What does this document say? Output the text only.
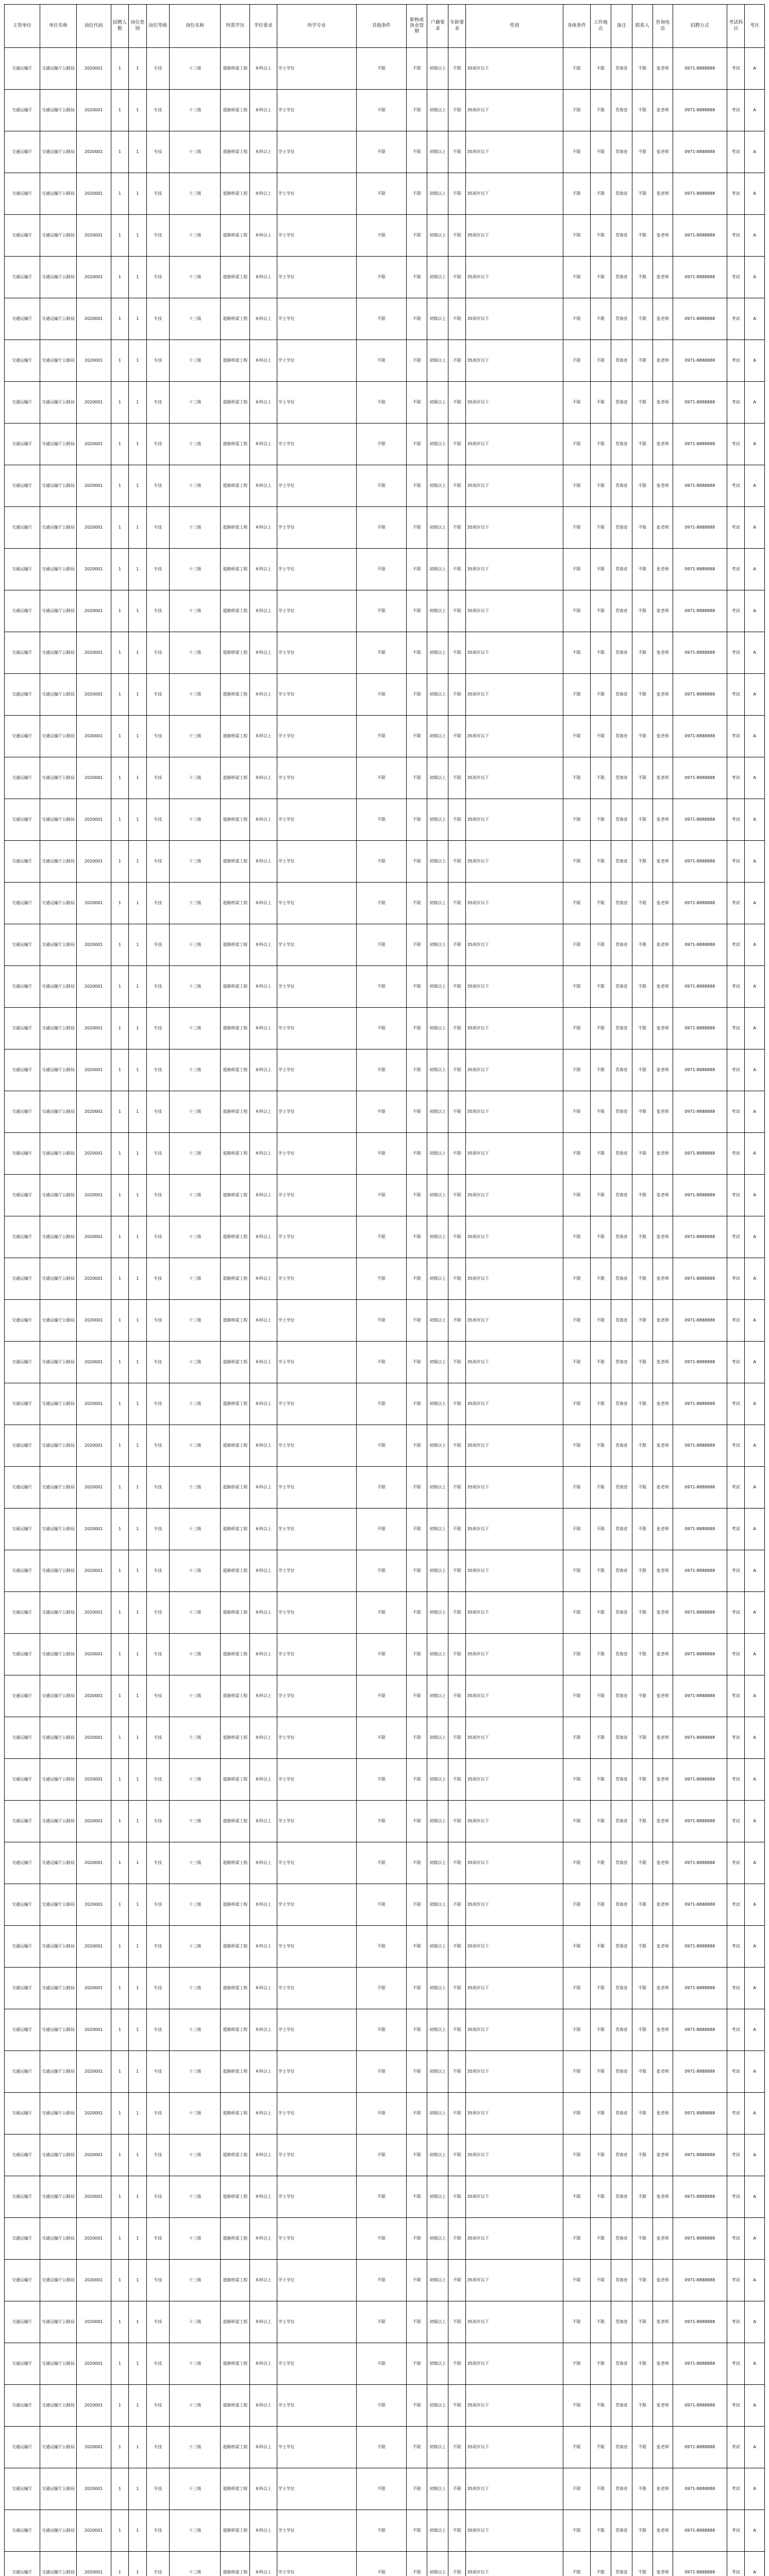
主管单位	单位名称	岗位代码	招聘人数	岗位类别	岗位等级	岗位名称	所需学历	学位要求	所学专业	其他条件	职称或执业资格	户籍要求	年龄要求	性别	身体条件	工作地点	备注	联系人	咨询电话	招聘方式	考试科目	考区
交通运输厅	交通运输厅公路局	2020001	1	1	专技	十三级	道路桥梁工程	本科以上	学士学位	不限	不限	初级以上	不限	35周岁以下	不限	不限	青海省	不限	张老师	0971-8888888	考试	A
交通运输厅	交通运输厅公路局	2020001	1	1	专技	十三级	道路桥梁工程	本科以上	学士学位	不限	不限	初级以上	不限	35周岁以下	不限	不限	青海省	不限	张老师	0971-8888888	考试	A
交通运输厅	交通运输厅公路局	2020001	1	1	专技	十三级	道路桥梁工程	本科以上	学士学位	不限	不限	初级以上	不限	35周岁以下	不限	不限	青海省	不限	张老师	0971-8888888	考试	A
交通运输厅	交通运输厅公路局	2020001	1	1	专技	十三级	道路桥梁工程	本科以上	学士学位	不限	不限	初级以上	不限	35周岁以下	不限	不限	青海省	不限	张老师	0971-8888888	考试	A
交通运输厅	交通运输厅公路局	2020001	1	1	专技	十三级	道路桥梁工程	本科以上	学士学位	不限	不限	初级以上	不限	35周岁以下	不限	不限	青海省	不限	张老师	0971-8888888	考试	A
交通运输厅	交通运输厅公路局	2020001	1	1	专技	十三级	道路桥梁工程	本科以上	学士学位	不限	不限	初级以上	不限	35周岁以下	不限	不限	青海省	不限	张老师	0971-8888888	考试	A
交通运输厅	交通运输厅公路局	2020001	1	1	专技	十三级	道路桥梁工程	本科以上	学士学位	不限	不限	初级以上	不限	35周岁以下	不限	不限	青海省	不限	张老师	0971-8888888	考试	A
交通运输厅	交通运输厅公路局	2020001	1	1	专技	十三级	道路桥梁工程	本科以上	学士学位	不限	不限	初级以上	不限	35周岁以下	不限	不限	青海省	不限	张老师	0971-8888888	考试	A
交通运输厅	交通运输厅公路局	2020001	1	1	专技	十三级	道路桥梁工程	本科以上	学士学位	不限	不限	初级以上	不限	35周岁以下	不限	不限	青海省	不限	张老师	0971-8888888	考试	A
交通运输厅	交通运输厅公路局	2020001	1	1	专技	十三级	道路桥梁工程	本科以上	学士学位	不限	不限	初级以上	不限	35周岁以下	不限	不限	青海省	不限	张老师	0971-8888888	考试	A
交通运输厅	交通运输厅公路局	2020001	1	1	专技	十三级	道路桥梁工程	本科以上	学士学位	不限	不限	初级以上	不限	35周岁以下	不限	不限	青海省	不限	张老师	0971-8888888	考试	A
交通运输厅	交通运输厅公路局	2020001	1	1	专技	十三级	道路桥梁工程	本科以上	学士学位	不限	不限	初级以上	不限	35周岁以下	不限	不限	青海省	不限	张老师	0971-8888888	考试	A
交通运输厅	交通运输厅公路局	2020001	1	1	专技	十三级	道路桥梁工程	本科以上	学士学位	不限	不限	初级以上	不限	35周岁以下	不限	不限	青海省	不限	张老师	0971-8888888	考试	A
交通运输厅	交通运输厅公路局	2020001	1	1	专技	十三级	道路桥梁工程	本科以上	学士学位	不限	不限	初级以上	不限	35周岁以下	不限	不限	青海省	不限	张老师	0971-8888888	考试	A
交通运输厅	交通运输厅公路局	2020001	1	1	专技	十三级	道路桥梁工程	本科以上	学士学位	不限	不限	初级以上	不限	35周岁以下	不限	不限	青海省	不限	张老师	0971-8888888	考试	A
交通运输厅	交通运输厅公路局	2020001	1	1	专技	十三级	道路桥梁工程	本科以上	学士学位	不限	不限	初级以上	不限	35周岁以下	不限	不限	青海省	不限	张老师	0971-8888888	考试	A
交通运输厅	交通运输厅公路局	2020001	1	1	专技	十三级	道路桥梁工程	本科以上	学士学位	不限	不限	初级以上	不限	35周岁以下	不限	不限	青海省	不限	张老师	0971-8888888	考试	A
交通运输厅	交通运输厅公路局	2020001	1	1	专技	十三级	道路桥梁工程	本科以上	学士学位	不限	不限	初级以上	不限	35周岁以下	不限	不限	青海省	不限	张老师	0971-8888888	考试	A
交通运输厅	交通运输厅公路局	2020001	1	1	专技	十三级	道路桥梁工程	本科以上	学士学位	不限	不限	初级以上	不限	35周岁以下	不限	不限	青海省	不限	张老师	0971-8888888	考试	A
交通运输厅	交通运输厅公路局	2020001	1	1	专技	十三级	道路桥梁工程	本科以上	学士学位	不限	不限	初级以上	不限	35周岁以下	不限	不限	青海省	不限	张老师	0971-8888888	考试	A
交通运输厅	交通运输厅公路局	2020001	1	1	专技	十三级	道路桥梁工程	本科以上	学士学位	不限	不限	初级以上	不限	35周岁以下	不限	不限	青海省	不限	张老师	0971-8888888	考试	A
交通运输厅	交通运输厅公路局	2020001	1	1	专技	十三级	道路桥梁工程	本科以上	学士学位	不限	不限	初级以上	不限	35周岁以下	不限	不限	青海省	不限	张老师	0971-8888888	考试	A
交通运输厅	交通运输厅公路局	2020001	1	1	专技	十三级	道路桥梁工程	本科以上	学士学位	不限	不限	初级以上	不限	35周岁以下	不限	不限	青海省	不限	张老师	0971-8888888	考试	A
交通运输厅	交通运输厅公路局	2020001	1	1	专技	十三级	道路桥梁工程	本科以上	学士学位	不限	不限	初级以上	不限	35周岁以下	不限	不限	青海省	不限	张老师	0971-8888888	考试	A
交通运输厅	交通运输厅公路局	2020001	1	1	专技	十三级	道路桥梁工程	本科以上	学士学位	不限	不限	初级以上	不限	35周岁以下	不限	不限	青海省	不限	张老师	0971-8888888	考试	A
交通运输厅	交通运输厅公路局	2020001	1	1	专技	十三级	道路桥梁工程	本科以上	学士学位	不限	不限	初级以上	不限	35周岁以下	不限	不限	青海省	不限	张老师	0971-8888888	考试	A
交通运输厅	交通运输厅公路局	2020001	1	1	专技	十三级	道路桥梁工程	本科以上	学士学位	不限	不限	初级以上	不限	35周岁以下	不限	不限	青海省	不限	张老师	0971-8888888	考试	A
交通运输厅	交通运输厅公路局	2020001	1	1	专技	十三级	道路桥梁工程	本科以上	学士学位	不限	不限	初级以上	不限	35周岁以下	不限	不限	青海省	不限	张老师	0971-8888888	考试	A
交通运输厅	交通运输厅公路局	2020001	1	1	专技	十三级	道路桥梁工程	本科以上	学士学位	不限	不限	初级以上	不限	35周岁以下	不限	不限	青海省	不限	张老师	0971-8888888	考试	A
交通运输厅	交通运输厅公路局	2020001	1	1	专技	十三级	道路桥梁工程	本科以上	学士学位	不限	不限	初级以上	不限	35周岁以下	不限	不限	青海省	不限	张老师	0971-8888888	考试	A
交通运输厅	交通运输厅公路局	2020001	1	1	专技	十三级	道路桥梁工程	本科以上	学士学位	不限	不限	初级以上	不限	35周岁以下	不限	不限	青海省	不限	张老师	0971-8888888	考试	A
交通运输厅	交通运输厅公路局	2020001	1	1	专技	十三级	道路桥梁工程	本科以上	学士学位	不限	不限	初级以上	不限	35周岁以下	不限	不限	青海省	不限	张老师	0971-8888888	考试	A
交通运输厅	交通运输厅公路局	2020001	1	1	专技	十三级	道路桥梁工程	本科以上	学士学位	不限	不限	初级以上	不限	35周岁以下	不限	不限	青海省	不限	张老师	0971-8888888	考试	A
交通运输厅	交通运输厅公路局	2020001	1	1	专技	十三级	道路桥梁工程	本科以上	学士学位	不限	不限	初级以上	不限	35周岁以下	不限	不限	青海省	不限	张老师	0971-8888888	考试	A
交通运输厅	交通运输厅公路局	2020001	1	1	专技	十三级	道路桥梁工程	本科以上	学士学位	不限	不限	初级以上	不限	35周岁以下	不限	不限	青海省	不限	张老师	0971-8888888	考试	A
交通运输厅	交通运输厅公路局	2020001	1	1	专技	十三级	道路桥梁工程	本科以上	学士学位	不限	不限	初级以上	不限	35周岁以下	不限	不限	青海省	不限	张老师	0971-8888888	考试	A
交通运输厅	交通运输厅公路局	2020001	1	1	专技	十三级	道路桥梁工程	本科以上	学士学位	不限	不限	初级以上	不限	35周岁以下	不限	不限	青海省	不限	张老师	0971-8888888	考试	A
交通运输厅	交通运输厅公路局	2020001	1	1	专技	十三级	道路桥梁工程	本科以上	学士学位	不限	不限	初级以上	不限	35周岁以下	不限	不限	青海省	不限	张老师	0971-8888888	考试	A
交通运输厅	交通运输厅公路局	2020001	1	1	专技	十三级	道路桥梁工程	本科以上	学士学位	不限	不限	初级以上	不限	35周岁以下	不限	不限	青海省	不限	张老师	0971-8888888	考试	A
交通运输厅	交通运输厅公路局	2020001	1	1	专技	十三级	道路桥梁工程	本科以上	学士学位	不限	不限	初级以上	不限	35周岁以下	不限	不限	青海省	不限	张老师	0971-8888888	考试	A
交通运输厅	交通运输厅公路局	2020001	1	1	专技	十三级	道路桥梁工程	本科以上	学士学位	不限	不限	初级以上	不限	35周岁以下	不限	不限	青海省	不限	张老师	0971-8888888	考试	A
交通运输厅	交通运输厅公路局	2020001	1	1	专技	十三级	道路桥梁工程	本科以上	学士学位	不限	不限	初级以上	不限	35周岁以下	不限	不限	青海省	不限	张老师	0971-8888888	考试	A
交通运输厅	交通运输厅公路局	2020001	1	1	专技	十三级	道路桥梁工程	本科以上	学士学位	不限	不限	初级以上	不限	35周岁以下	不限	不限	青海省	不限	张老师	0971-8888888	考试	A
交通运输厅	交通运输厅公路局	2020001	1	1	专技	十三级	道路桥梁工程	本科以上	学士学位	不限	不限	初级以上	不限	35周岁以下	不限	不限	青海省	不限	张老师	0971-8888888	考试	A
交通运输厅	交通运输厅公路局	2020001	1	1	专技	十三级	道路桥梁工程	本科以上	学士学位	不限	不限	初级以上	不限	35周岁以下	不限	不限	青海省	不限	张老师	0971-8888888	考试	A
交通运输厅	交通运输厅公路局	2020001	1	1	专技	十三级	道路桥梁工程	本科以上	学士学位	不限	不限	初级以上	不限	35周岁以下	不限	不限	青海省	不限	张老师	0971-8888888	考试	A
交通运输厅	交通运输厅公路局	2020001	1	1	专技	十三级	道路桥梁工程	本科以上	学士学位	不限	不限	初级以上	不限	35周岁以下	不限	不限	青海省	不限	张老师	0971-8888888	考试	A
交通运输厅	交通运输厅公路局	2020001	1	1	专技	十三级	道路桥梁工程	本科以上	学士学位	不限	不限	初级以上	不限	35周岁以下	不限	不限	青海省	不限	张老师	0971-8888888	考试	A
交通运输厅	交通运输厅公路局	2020001	1	1	专技	十三级	道路桥梁工程	本科以上	学士学位	不限	不限	初级以上	不限	35周岁以下	不限	不限	青海省	不限	张老师	0971-8888888	考试	A
交通运输厅	交通运输厅公路局	2020001	1	1	专技	十三级	道路桥梁工程	本科以上	学士学位	不限	不限	初级以上	不限	35周岁以下	不限	不限	青海省	不限	张老师	0971-8888888	考试	A
交通运输厅	交通运输厅公路局	2020001	1	1	专技	十三级	道路桥梁工程	本科以上	学士学位	不限	不限	初级以上	不限	35周岁以下	不限	不限	青海省	不限	张老师	0971-8888888	考试	A
交通运输厅	交通运输厅公路局	2020001	1	1	专技	十三级	道路桥梁工程	本科以上	学士学位	不限	不限	初级以上	不限	35周岁以下	不限	不限	青海省	不限	张老师	0971-8888888	考试	A
交通运输厅	交通运输厅公路局	2020001	1	1	专技	十三级	道路桥梁工程	本科以上	学士学位	不限	不限	初级以上	不限	35周岁以下	不限	不限	青海省	不限	张老师	0971-8888888	考试	A
交通运输厅	交通运输厅公路局	2020001	1	1	专技	十三级	道路桥梁工程	本科以上	学士学位	不限	不限	初级以上	不限	35周岁以下	不限	不限	青海省	不限	张老师	0971-8888888	考试	A
交通运输厅	交通运输厅公路局	2020001	1	1	专技	十三级	道路桥梁工程	本科以上	学士学位	不限	不限	初级以上	不限	35周岁以下	不限	不限	青海省	不限	张老师	0971-8888888	考试	A
交通运输厅	交通运输厅公路局	2020001	1	1	专技	十三级	道路桥梁工程	本科以上	学士学位	不限	不限	初级以上	不限	35周岁以下	不限	不限	青海省	不限	张老师	0971-8888888	考试	A
交通运输厅	交通运输厅公路局	2020001	1	1	专技	十三级	道路桥梁工程	本科以上	学士学位	不限	不限	初级以上	不限	35周岁以下	不限	不限	青海省	不限	张老师	0971-8888888	考试	A
交通运输厅	交通运输厅公路局	2020001	1	1	专技	十三级	道路桥梁工程	本科以上	学士学位	不限	不限	初级以上	不限	35周岁以下	不限	不限	青海省	不限	张老师	0971-8888888	考试	A
交通运输厅	交通运输厅公路局	2020001	1	1	专技	十三级	道路桥梁工程	本科以上	学士学位	不限	不限	初级以上	不限	35周岁以下	不限	不限	青海省	不限	张老师	0971-8888888	考试	A
交通运输厅	交通运输厅公路局	2020001	1	1	专技	十三级	道路桥梁工程	本科以上	学士学位	不限	不限	初级以上	不限	35周岁以下	不限	不限	青海省	不限	张老师	0971-8888888	考试	A
交通运输厅	交通运输厅公路局	2020001	1	1	专技	十三级	道路桥梁工程	本科以上	学士学位	不限	不限	初级以上	不限	35周岁以下	不限	不限	青海省	不限	张老师	0971-8888888	考试	A
